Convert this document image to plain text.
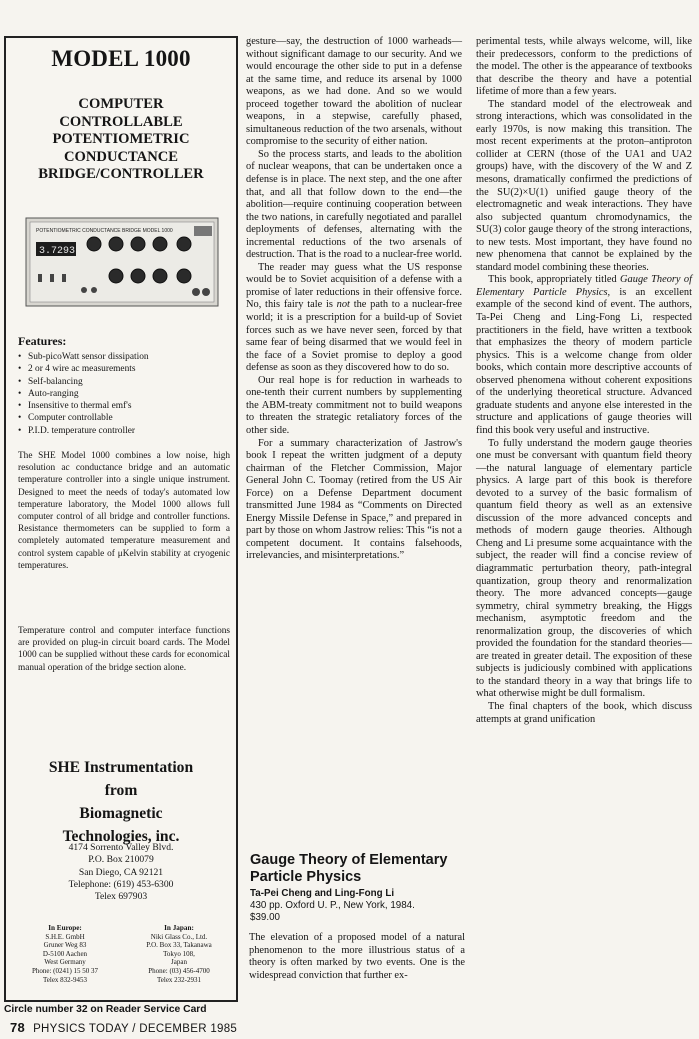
MODEL 1000
COMPUTER
CONTROLLABLE
POTENTIOMETRIC
CONDUCTANCE
BRIDGE/CONTROLLER
POTENTIOMETRIC CONDUCTANCE BRIDGE MODEL 1000
3.7293
Features:
• Sub-picoWatt sensor dissipation
• 2 or 4 wire ac measurements
• Self-balancing
• Auto-ranging
• Insensitive to thermal emf's
• Computer controllable
• P.I.D. temperature controller
The SHE Model 1000 combines a low noise, high resolution ac conductance bridge and an automatic temperature controller into a single unique instrument. Designed to meet the needs of today's automated low temperature laboratory, the Model 1000 allows full computer control of all bridge and controller functions. Resistance thermometers can be supplied to form a completely automated temperature measurement and control system capable of μKelvin stability at cryogenic temperatures.
Temperature control and computer interface functions are provided on plug-in circuit board cards. The Model 1000 can be supplied without these cards for economical manual operation of the bridge section alone.
SHE Instrumentation
from
Biomagnetic
Technologies, inc.
4174 Sorrento Valley Blvd.
P.O. Box 210079
San Diego, CA 92121
Telephone: (619) 453-6300
Telex 697903
In Europe:
S.H.E. GmbH
Gruner Weg 83
D-5100 Aachen
West Germany
Phone: (0241) 15 50 37
Telex 832-9453
In Japan:
Niki Glass Co., Ltd.
P.O. Box 33, Takanawa
Tokyo 108,
Japan
Phone: (03) 456-4700
Telex 232-2931
Circle number 32 on Reader Service Card

gesture—say, the destruction of 1000 warheads—without significant damage to our security. And we would encourage the other side to put in a defense at the same time, and reduce its arsenal by 1000 weapons, as we had done. And so we would proceed together toward the abolition of nuclear weapons, in a stepwise, carefully phased, simultaneous reduction of the two arsenals, without compromise to the security of either nation.

So the process starts, and leads to the abolition of nuclear weapons, that can be undertaken once a defense is in place. The next step, and the one after that, and all that follow down to the end—the abolition—require continuing cooperation between the two nations, in carefully negotiated and parallel deployments of defenses, alternating with the incremental reductions of the two arsenals of destruction. That is the road to a nuclear-free world.

The reader may guess what the US response would be to Soviet acquisition of a defense with a promise of later reductions in their offensive force. No, this fairy tale is not the path to a nuclear-free world; it is a prescription for a build-up of Soviet forces such as we have never seen, forced by that same fear of being disarmed that we would feel in the face of a Soviet promise to deploy a good defense as soon as they discovered how to do so.

Our real hope is for reduction in warheads to one-tenth their current numbers by supplementing the ABM-treaty commitment not to build weapons to threaten the strategic retaliatory forces of the other side.

For a summary characterization of Jastrow's book I repeat the written judgment of a deputy chairman of the Fletcher Commission, Major General John C. Toomay (retired from the US Air Force) on a Defense Department document transmitted June 1984 as “Comments on Directed Energy Missile Defense in Space,” and prepared in part by those on whom Jastrow relies: This “is not a competent document. It contains falsehoods, irrelevancies, and misinterpretations.”

Gauge Theory of Elementary Particle Physics
Ta-Pei Cheng and Ling-Fong Li
430 pp. Oxford U. P., New York, 1984.
$39.00
The elevation of a proposed model of a natural phenomenon to the more illustrious status of a theory is often marked by two events. One is the widespread conviction that further ex-

perimental tests, while always welcome, will, like their predecessors, conform to the predictions of the model. The other is the appearance of textbooks that describe the theory and have a potential lifetime of more than a few years.

The standard model of the electroweak and strong interactions, which was consolidated in the early 1970s, is now making this transition. The most recent experiments at the proton–antiproton collider at CERN (those of the UA1 and UA2 groups) have, with the discovery of the W and Z mesons, dramatically confirmed the predictions of the SU(2)×U(1) unified gauge theory of the electromagnetic and weak interactions. They have also subjected quantum chromodynamics, the SU(3) color gauge theory of the strong interactions, to new tests. Most important, they have found no new phenomena that cannot be explained by the standard model combining these theories.

This book, appropriately titled Gauge Theory of Elementary Particle Physics, is an excellent example of the second kind of event. The authors, Ta-Pei Cheng and Ling-Fong Li, respected practitioners in the field, have written a textbook that emphasizes the theory of modern particle physics. This is a welcome change from older books, which contain more descriptive accounts of observed phenomena without coherent expositions of the underlying theoretical structure. Advanced graduate students and anyone else interested in the structure and applications of gauge theories will find this book very useful and instructive.

To fully understand the modern gauge theories one must be conversant with quantum field theory—the natural language of elementary particle physics. A large part of this book is therefore devoted to a survey of the basic formalism of quantum field theory as well as an extensive discussion of the more advanced concepts and methods of modern gauge theories. Although Cheng and Li presume some acquaintance with the subject, the reader will find a concise review of diagrammatic perturbation theory, path-integral quantization, group theory and renormalization theory. The more advanced concepts—gauge symmetry, chiral symmetry breaking, the Higgs mechanism, asymptotic freedom and the renormalization group, the discoveries of which provided the foundation for the standard theories—are treated in greater detail. The exposition of these subjects is judiciously combined with applications to the standard theory in a way that brings life to what otherwise might be dull formalism.

The final chapters of the book, which discuss attempts at grand unification

78 PHYSICS TODAY / DECEMBER 1985
